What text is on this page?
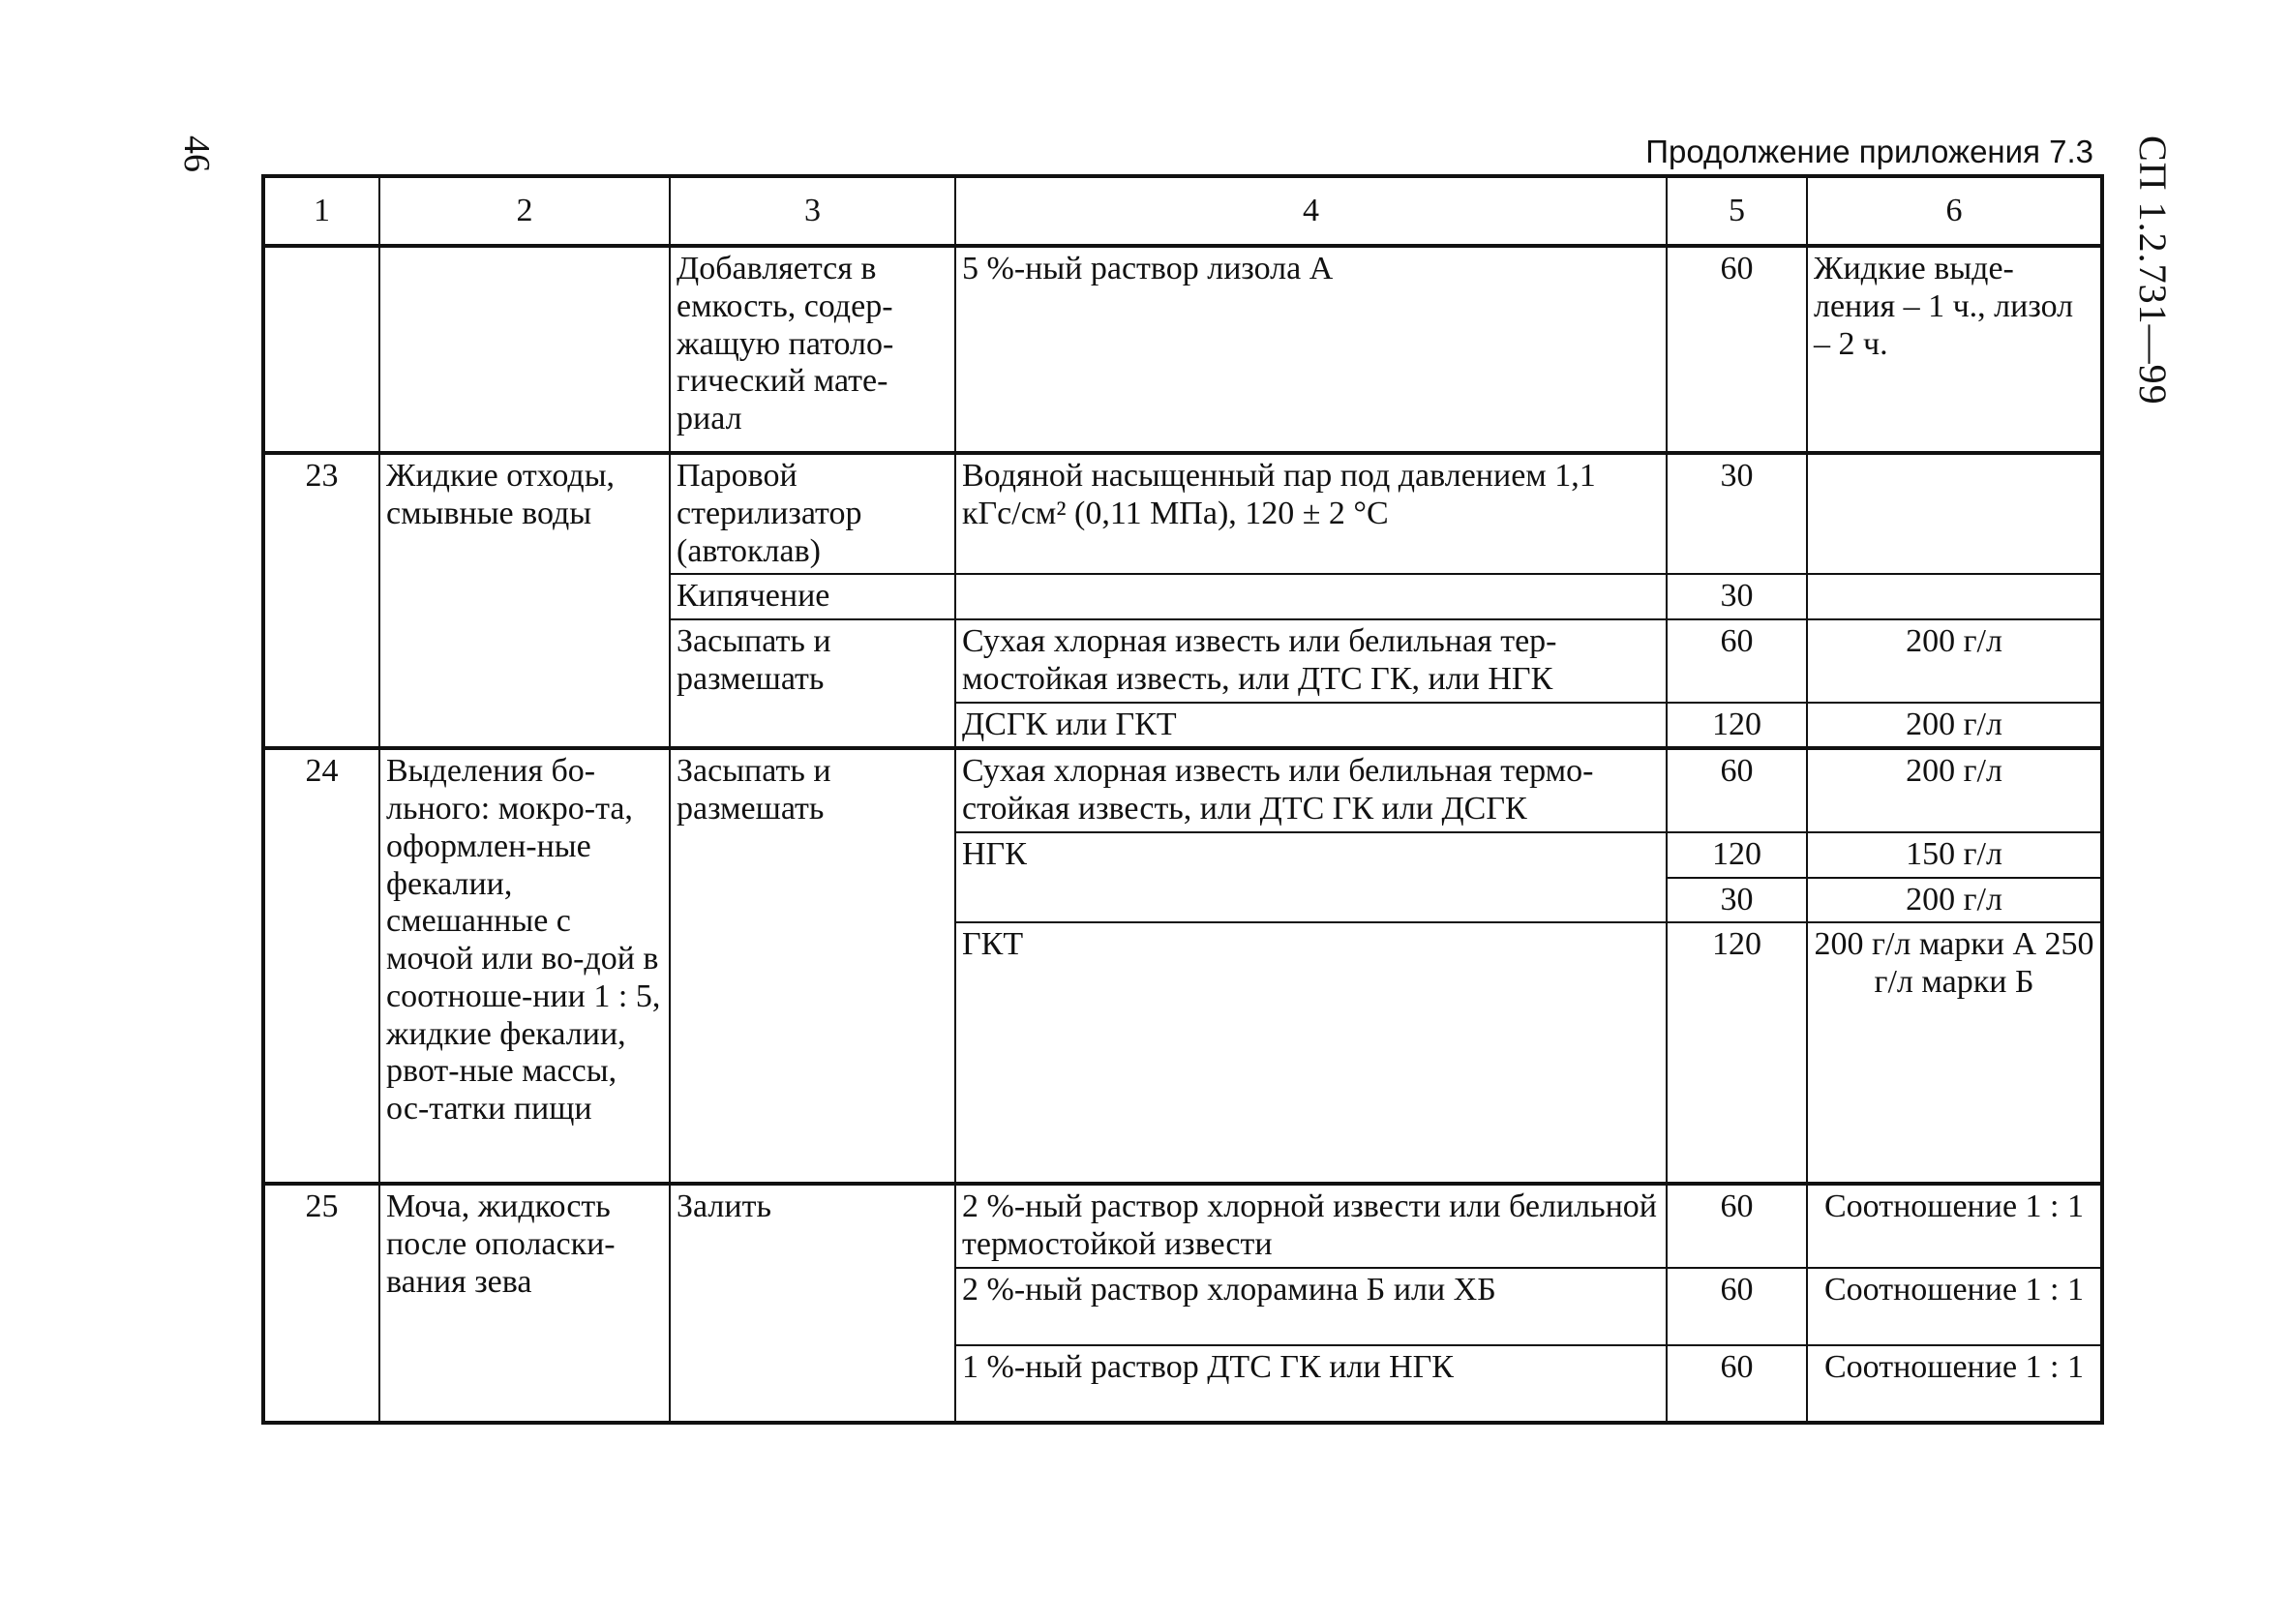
46	СП 1.2.731—99
Продолжение приложения 7.3
1	2	3	4	5	6
		Добавляется в емкость, содер-жащую патоло-гический мате-риал	5 %-ный раствор лизола А	60	Жидкие выде-ления – 1 ч., лизол – 2 ч.
23	Жидкие отходы, смывные воды	Паровой стерилизатор (автоклав)	Водяной насыщенный пар под давлением 1,1 кГс/см² (0,11 МПа), 120 ± 2 °С	30	
		Кипячение		30	
		Засыпать и размешать	Сухая хлорная известь или белильная тер-мостойкая известь, или ДТС ГК, или НГК	60	200 г/л
			ДСГК или ГКТ	120	200 г/л
24	Выделения бо-льного: мокро-та, оформлен-ные фекалии, смешанные с мочой или во-дой в соотноше-нии 1 : 5, жидкие фекалии, рвот-ные массы, ос-татки пищи	Засыпать и размешать	Сухая хлорная известь или белильная термо-стойкая известь, или ДТС ГК или ДСГК	60	200 г/л
			НГК	120	150 г/л
				30	200 г/л
			ГКТ	120	200 г/л марки А 250 г/л марки Б
25	Моча, жидкость после ополаски-вания зева	Залить	2 %-ный раствор хлорной извести или белильной термостойкой извести	60	Соотношение 1 : 1
			2 %-ный раствор хлорамина Б или ХБ	60	Соотношение 1 : 1
			1 %-ный раствор ДТС ГК или НГК	60	Соотношение 1 : 1
